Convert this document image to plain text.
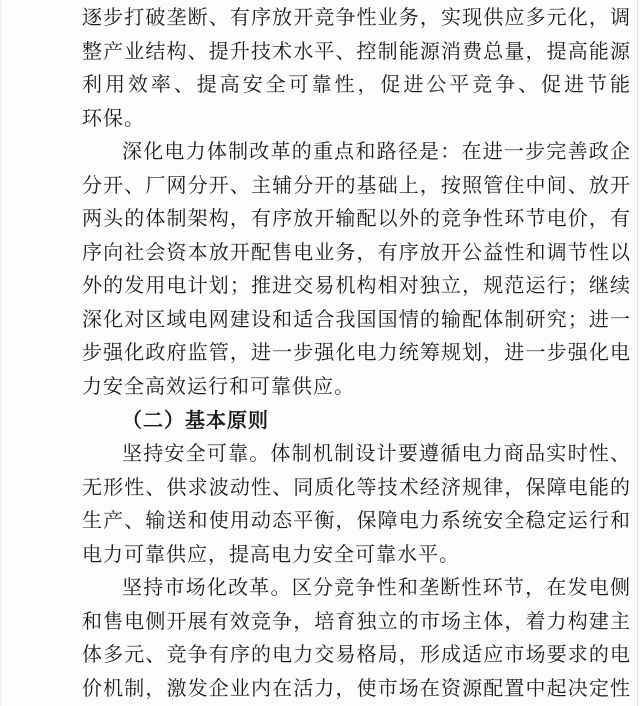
逐步打破垄断、有序放开竞争性业务，实现供应多元化，调
整产业结构、提升技术水平、控制能源消费总量，提高能源
利用效率、提高安全可靠性，促进公平竞争、促进节能
环保。
深化电力体制改革的重点和路径是：在进一步完善政企
分开、厂网分开、主辅分开的基础上，按照管住中间、放开
两头的体制架构，有序放开输配以外的竞争性环节电价，有
序向社会资本放开配售电业务，有序放开公益性和调节性以
外的发用电计划；推进交易机构相对独立，规范运行；继续
深化对区域电网建设和适合我国国情的输配体制研究；进一
步强化政府监管，进一步强化电力统筹规划，进一步强化电
力安全高效运行和可靠供应。
（二）基本原则
坚持安全可靠。体制机制设计要遵循电力商品实时性、
无形性、供求波动性、同质化等技术经济规律，保障电能的
生产、输送和使用动态平衡，保障电力系统安全稳定运行和
电力可靠供应，提高电力安全可靠水平。
坚持市场化改革。区分竞争性和垄断性环节，在发电侧
和售电侧开展有效竞争，培育独立的市场主体，着力构建主
体多元、竞争有序的电力交易格局，形成适应市场要求的电
价机制，激发企业内在活力，使市场在资源配置中起决定性
